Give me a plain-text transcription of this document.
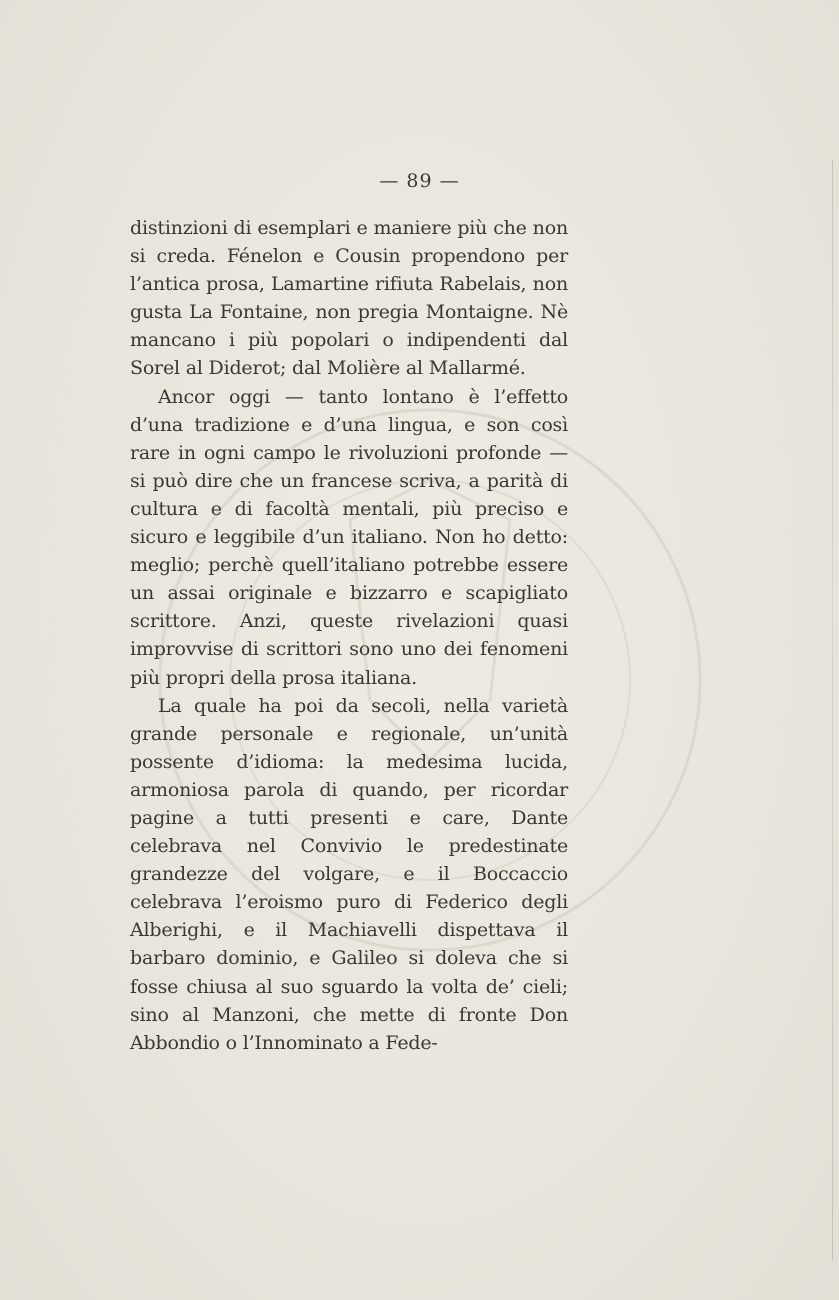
— 89 —

distinzioni di esemplari e maniere più che non si creda. Fénelon e Cousin propendono per l’antica prosa, Lamartine rifiuta Rabelais, non gusta La Fontaine, non pregia Montaigne. Nè mancano i più popolari o indipendenti dal Sorel al Diderot; dal Molière al Mallarmé.

Ancor oggi — tanto lontano è l’effetto d’una tradizione e d’una lingua, e son così rare in ogni campo le rivoluzioni profonde — si può dire che un francese scriva, a parità di cultura e di facoltà mentali, più preciso e sicuro e leggibile d’un italiano. Non ho detto: meglio; perchè quell’italiano potrebbe essere un assai originale e bizzarro e scapigliato scrittore. Anzi, queste rivelazioni quasi improvvise di scrittori sono uno dei fenomeni più propri della prosa italiana.

La quale ha poi da secoli, nella varietà grande personale e regionale, un’unità possente d’idioma: la medesima lucida, armoniosa parola di quando, per ricordar pagine a tutti presenti e care, Dante celebrava nel Convivio le predestinate grandezze del volgare, e il Boccaccio celebrava l’eroismo puro di Federico degli Alberighi, e il Machiavelli dispettava il barbaro dominio, e Galileo si doleva che si fosse chiusa al suo sguardo la volta de’ cieli; sino al Manzoni, che mette di fronte Don Abbondio o l’Innominato a Fede-
